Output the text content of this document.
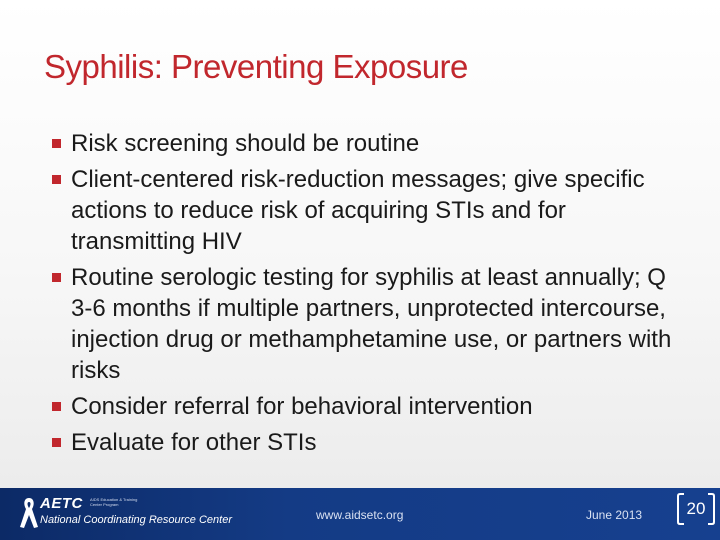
Syphilis: Preventing Exposure
Risk screening should be routine
Client-centered risk-reduction messages; give specific actions to reduce risk of acquiring STIs and for transmitting HIV
Routine serologic testing for syphilis at least annually; Q 3-6 months if multiple partners, unprotected intercourse, injection drug or methamphetamine use, or partners with risks
Consider referral for behavioral intervention
Evaluate for other STIs
AETC AIDS Education & Training Center Program
National Coordinating Resource Center	www.aidsetc.org	June 2013	20
